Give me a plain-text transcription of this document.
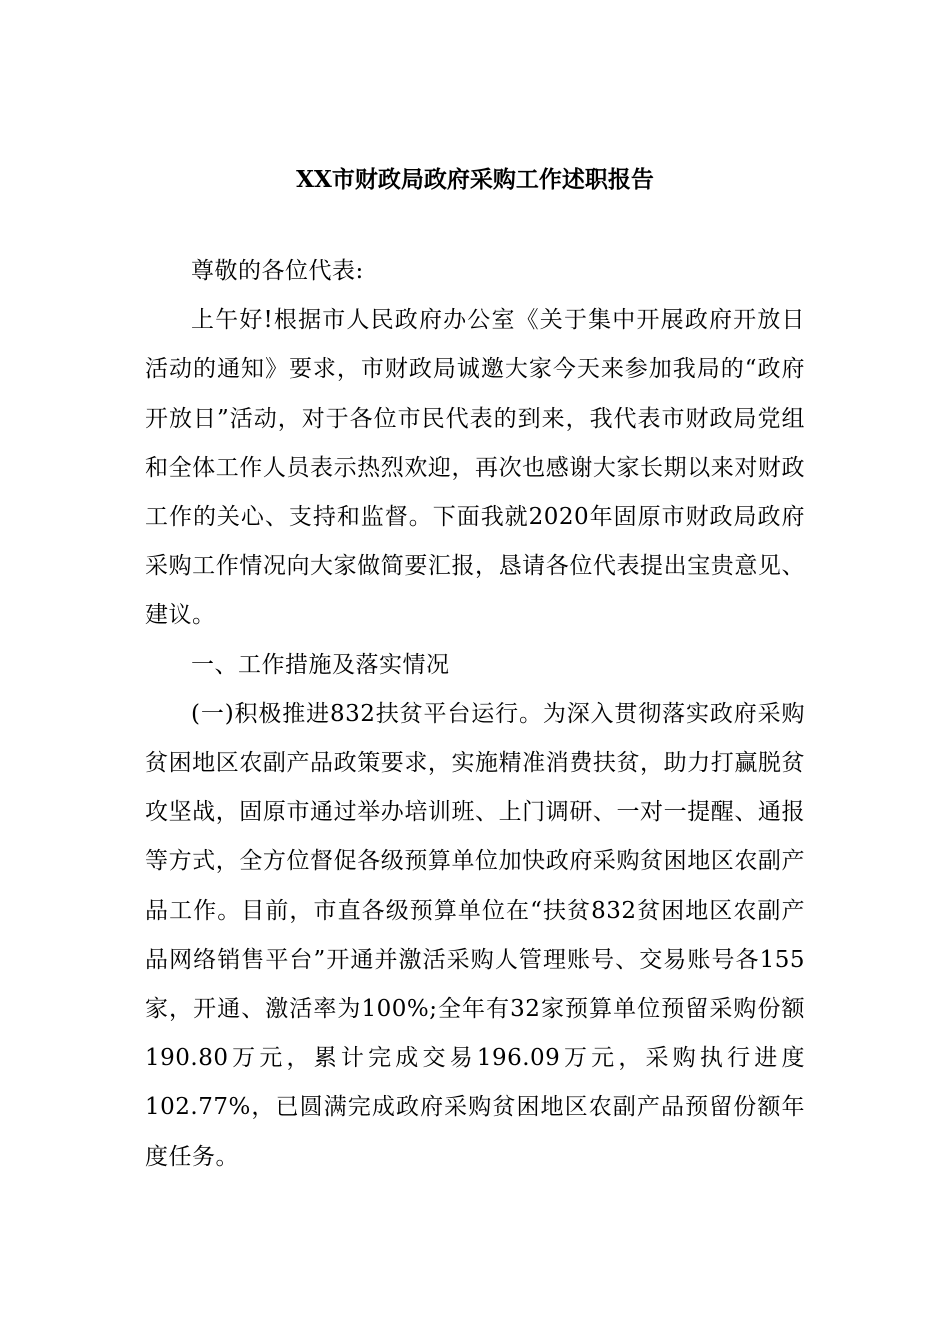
XX市财政局政府采购工作述职报告

尊敬的各位代表:

上午好!根据市人民政府办公室《关于集中开展政府开放日活动的通知》要求，市财政局诚邀大家今天来参加我局的“政府开放日”活动，对于各位市民代表的到来，我代表市财政局党组和全体工作人员表示热烈欢迎，再次也感谢大家长期以来对财政工作的关心、支持和监督。下面我就2020年固原市财政局政府采购工作情况向大家做简要汇报，恳请各位代表提出宝贵意见、建议。

一、工作措施及落实情况

(一)积极推进832扶贫平台运行。为深入贯彻落实政府采购贫困地区农副产品政策要求，实施精准消费扶贫，助力打赢脱贫攻坚战，固原市通过举办培训班、上门调研、一对一提醒、通报等方式，全方位督促各级预算单位加快政府采购贫困地区农副产品工作。目前，市直各级预算单位在“扶贫832贫困地区农副产品网络销售平台”开通并激活采购人管理账号、交易账号各155家，开通、激活率为100%;全年有32家预算单位预留采购份额190.80万元，累计完成交易196.09万元，采购执行进度102.77%，已圆满完成政府采购贫困地区农副产品预留份额年度任务。
